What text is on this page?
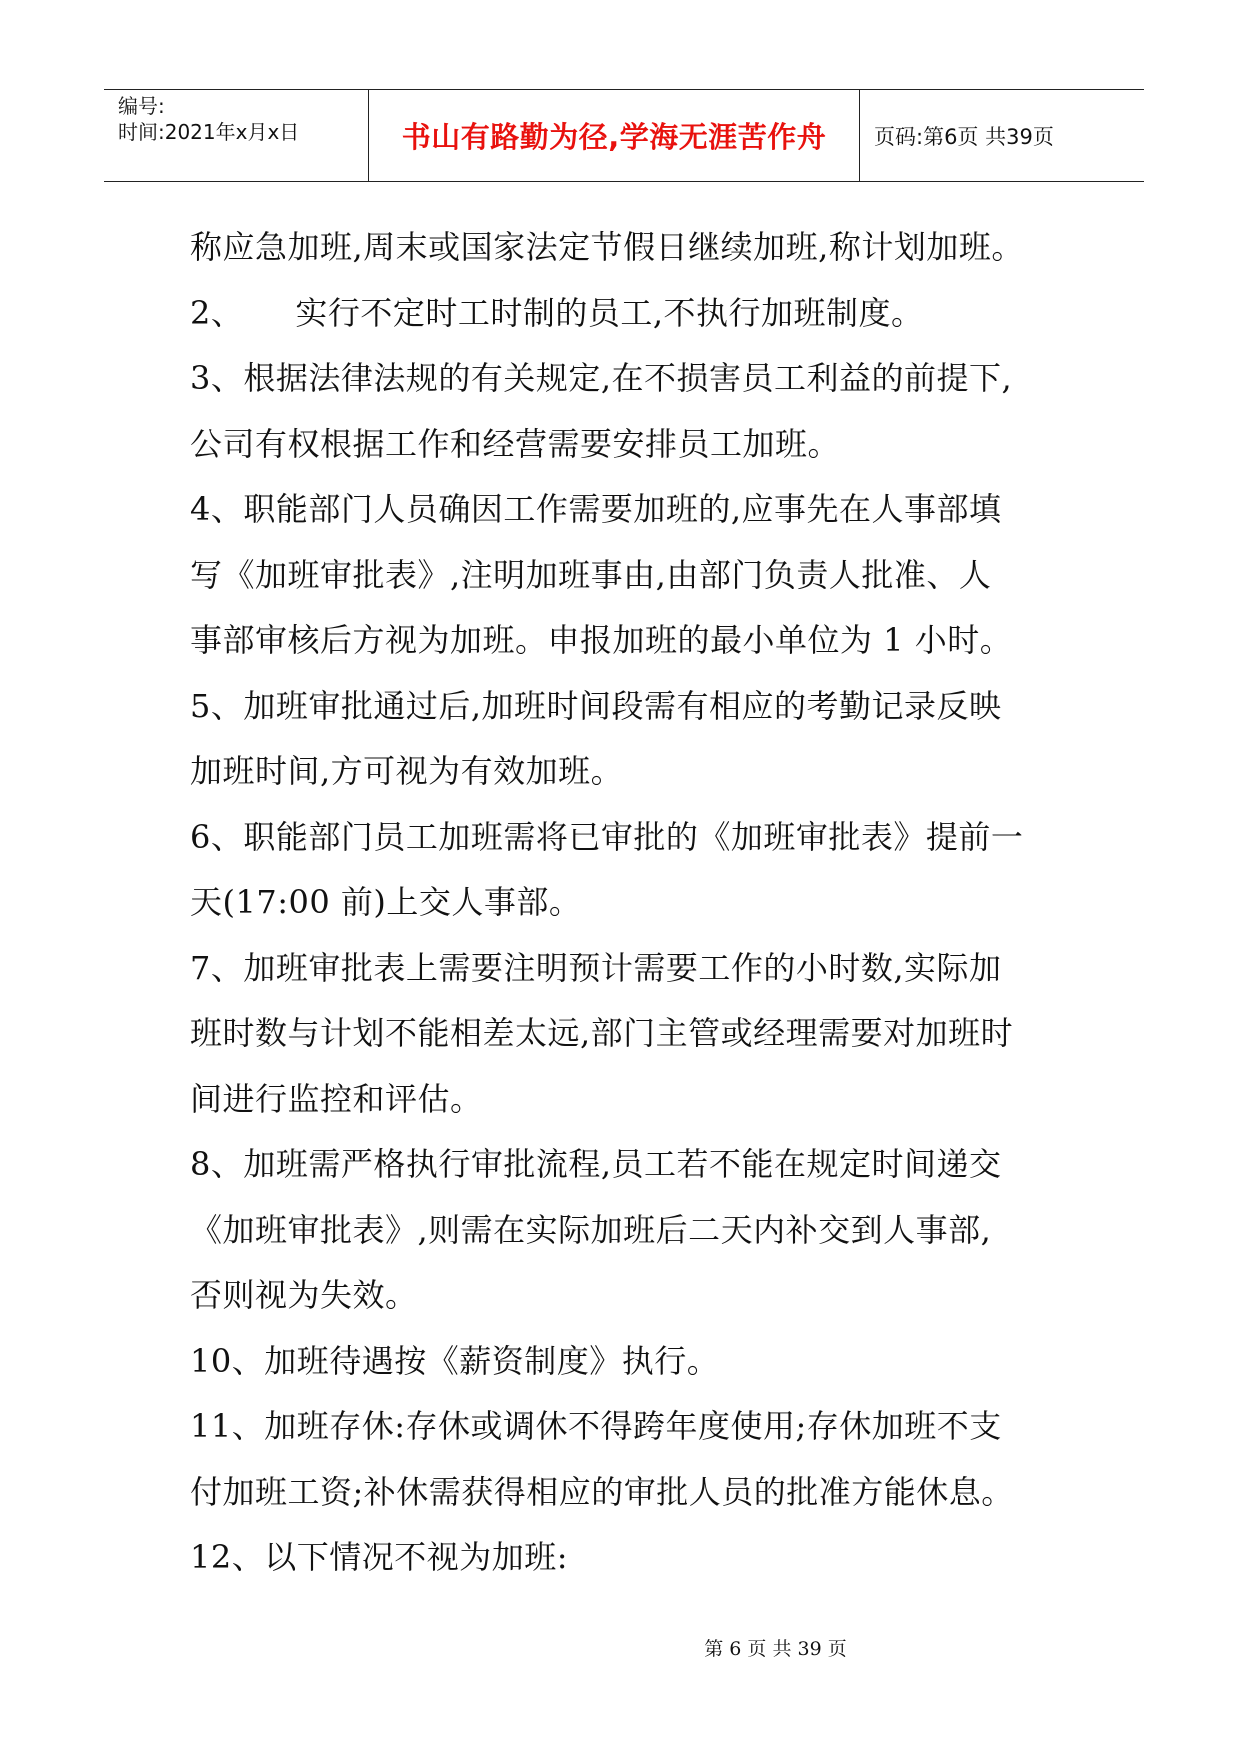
编号:
时间:2021年x月x日	书山有路勤为径,学海无涯苦作舟	页码:第6页 共39页
称应急加班,周末或国家法定节假日继续加班,称计划加班。
2、 实行不定时工时制的员工,不执行加班制度。
3、根据法律法规的有关规定,在不损害员工利益的前提下,
公司有权根据工作和经营需要安排员工加班。
4、职能部门人员确因工作需要加班的,应事先在人事部填
写《加班审批表》,注明加班事由,由部门负责人批准、人
事部审核后方视为加班。申报加班的最小单位为 1 小时。
5、加班审批通过后,加班时间段需有相应的考勤记录反映
加班时间,方可视为有效加班。
6、职能部门员工加班需将已审批的《加班审批表》提前一
天(17:00 前)上交人事部。
7、加班审批表上需要注明预计需要工作的小时数,实际加
班时数与计划不能相差太远,部门主管或经理需要对加班时
间进行监控和评估。
8、加班需严格执行审批流程,员工若不能在规定时间递交
《加班审批表》,则需在实际加班后二天内补交到人事部,
否则视为失效。
10、加班待遇按《薪资制度》执行。
11、加班存休:存休或调休不得跨年度使用;存休加班不支
付加班工资;补休需获得相应的审批人员的批准方能休息。
12、以下情况不视为加班:
第 6 页 共 39 页
